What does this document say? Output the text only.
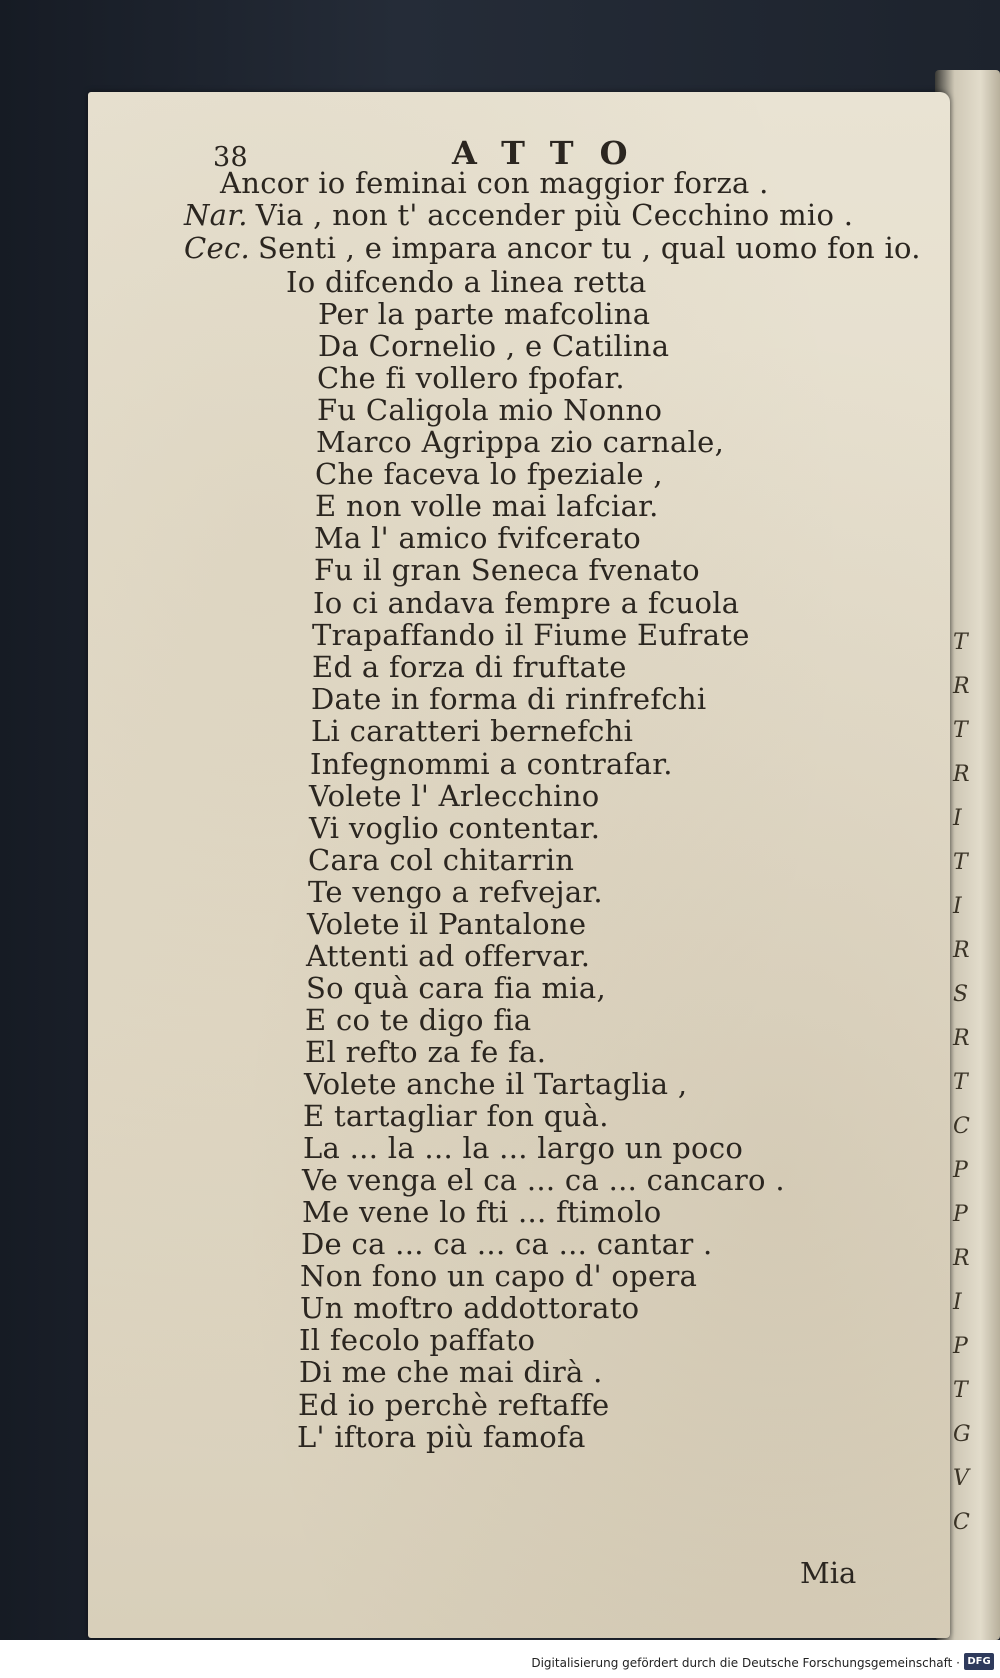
T
R
T
R
I
T
I
R
S
R
T
C
P
P
R
I
P
T
G
V
C
38	ATTO
Ancor io feminai con maggior forza .
Nar. Via , non t' accender più Cecchino mio .
Cec. Senti , e impara ancor tu , qual uomo fon io.
Io difcendo a linea retta
Per la parte mafcolina
Da Cornelio , e Catilina
Che fi vollero fpofar.
Fu Caligola mio Nonno
Marco Agrippa zio carnale,
Che faceva lo fpeziale ,
E non volle mai lafciar.
Ma l' amico fvifcerato
Fu il gran Seneca fvenato
Io ci andava fempre a fcuola
Trapaffando il Fiume Eufrate
Ed a forza di fruftate
Date in forma di rinfrefchi
Li caratteri bernefchi
Infegnommi a contrafar.
Volete l' Arlecchino
Vi voglio contentar.
Cara col chitarrin
Te vengo a refvejar.
Volete il Pantalone
Attenti ad offervar.
So quà cara fia mia,
E co te digo fia
El refto za fe fa.
Volete anche il Tartaglia ,
E tartagliar fon quà.
La ... la ... la ... largo un poco
Ve venga el ca ... ca ... cancaro .
Me vene lo fti ... ftimolo
De ca ... ca ... ca ... cantar .
Non fono un capo d' opera
Un moftro addottorato
Il fecolo paffato
Di me che mai dirà .
Ed io perchè reftaffe
L' iftora più famofa
Mia
Digitalisierung gefördert durch die Deutsche Forschungsgemeinschaft · DFG
